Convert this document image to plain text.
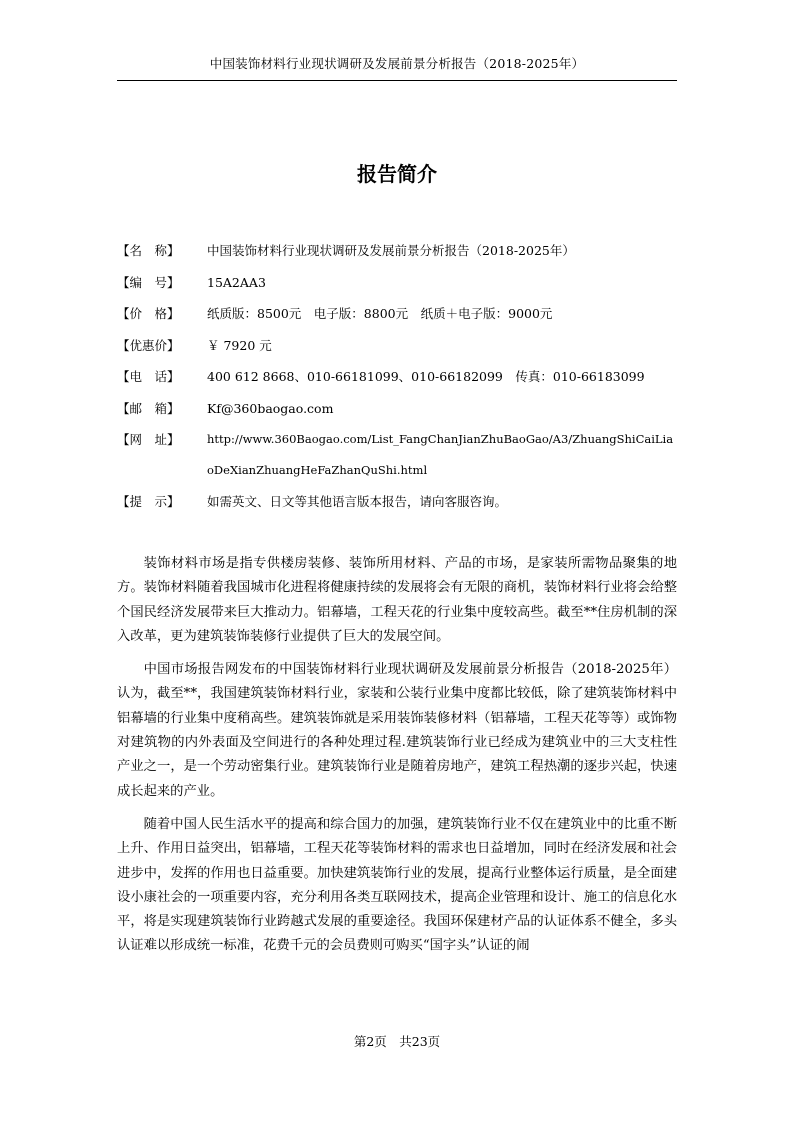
中国装饰材料行业现状调研及发展前景分析报告（2018-2025年）
报告简介
【名　称】	中国装饰材料行业现状调研及发展前景分析报告（2018-2025年）
【编　号】	15A2AA3
【价　格】	纸质版：8500元　电子版：8800元　纸质＋电子版：9000元
【优惠价】	￥ 7920 元
【电　话】	400 612 8668、010-66181099、010-66182099　传真：010-66183099
【邮　箱】	Kf@360baogao.com
【网　址】	http://www.360Baogao.com/List_FangChanJianZhuBaoGao/A3/ZhuangShiCaiLiaoDeXianZhuangHeFaZhanQuShi.html
【提　示】	如需英文、日文等其他语言版本报告，请向客服咨询。

装饰材料市场是指专供楼房装修、装饰所用材料、产品的市场，是家装所需物品聚集的地方。装饰材料随着我国城市化进程将健康持续的发展将会有无限的商机，装饰材料行业将会给整个国民经济发展带来巨大推动力。铝幕墙，工程天花的行业集中度较高些。截至**住房机制的深入改革，更为建筑装饰装修行业提供了巨大的发展空间。

中国市场报告网发布的中国装饰材料行业现状调研及发展前景分析报告（2018-2025年）认为，截至**，我国建筑装饰材料行业，家装和公装行业集中度都比较低，除了建筑装饰材料中铝幕墙的行业集中度稍高些。建筑装饰就是采用装饰装修材料（铝幕墙，工程天花等等）或饰物对建筑物的内外表面及空间进行的各种处理过程.建筑装饰行业已经成为建筑业中的三大支柱性产业之一，是一个劳动密集行业。建筑装饰行业是随着房地产，建筑工程热潮的逐步兴起，快速成长起来的产业。

随着中国人民生活水平的提高和综合国力的加强，建筑装饰行业不仅在建筑业中的比重不断上升、作用日益突出，铝幕墙，工程天花等装饰材料的需求也日益增加，同时在经济发展和社会进步中，发挥的作用也日益重要。加快建筑装饰行业的发展，提高行业整体运行质量，是全面建设小康社会的一项重要内容，充分利用各类互联网技术，提高企业管理和设计、施工的信息化水平，将是实现建筑装饰行业跨越式发展的重要途径。我国环保建材产品的认证体系不健全，多头认证难以形成统一标准，花费千元的会员费则可购买“国字头”认证的闹

第2页　共23页
